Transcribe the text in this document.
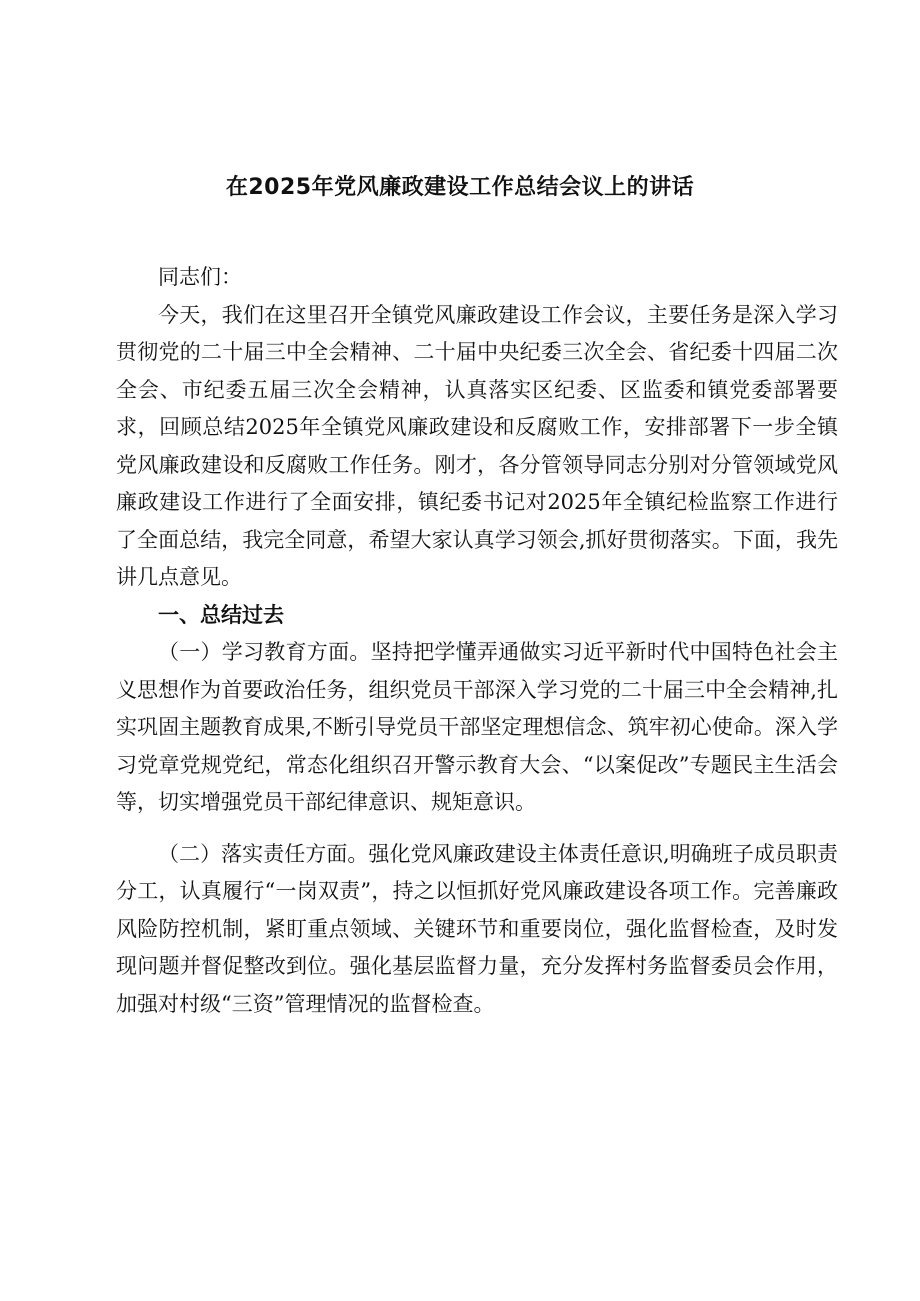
在2025年党风廉政建设工作总结会议上的讲话

同志们：

今天，我们在这里召开全镇党风廉政建设工作会议，主要任务是深入学习贯彻党的二十届三中全会精神、二十届中央纪委三次全会、省纪委十四届二次全会、市纪委五届三次全会精神，认真落实区纪委、区监委和镇党委部署要求，回顾总结2025年全镇党风廉政建设和反腐败工作，安排部署下一步全镇党风廉政建设和反腐败工作任务。刚才，各分管领导同志分别对分管领域党风廉政建设工作进行了全面安排，镇纪委书记对2025年全镇纪检监察工作进行了全面总结，我完全同意，希望大家认真学习领会,抓好贯彻落实。下面，我先讲几点意见。

一、总结过去

（一）学习教育方面。坚持把学懂弄通做实习近平新时代中国特色社会主义思想作为首要政治任务，组织党员干部深入学习党的二十届三中全会精神,扎实巩固主题教育成果,不断引导党员干部坚定理想信念、筑牢初心使命。深入学习党章党规党纪，常态化组织召开警示教育大会、“以案促改”专题民主生活会等，切实增强党员干部纪律意识、规矩意识。

（二）落实责任方面。强化党风廉政建设主体责任意识,明确班子成员职责分工，认真履行“一岗双责”，持之以恒抓好党风廉政建设各项工作。完善廉政风险防控机制，紧盯重点领域、关键环节和重要岗位，强化监督检查，及时发现问题并督促整改到位。强化基层监督力量，充分发挥村务监督委员会作用，加强对村级“三资”管理情况的监督检查。
